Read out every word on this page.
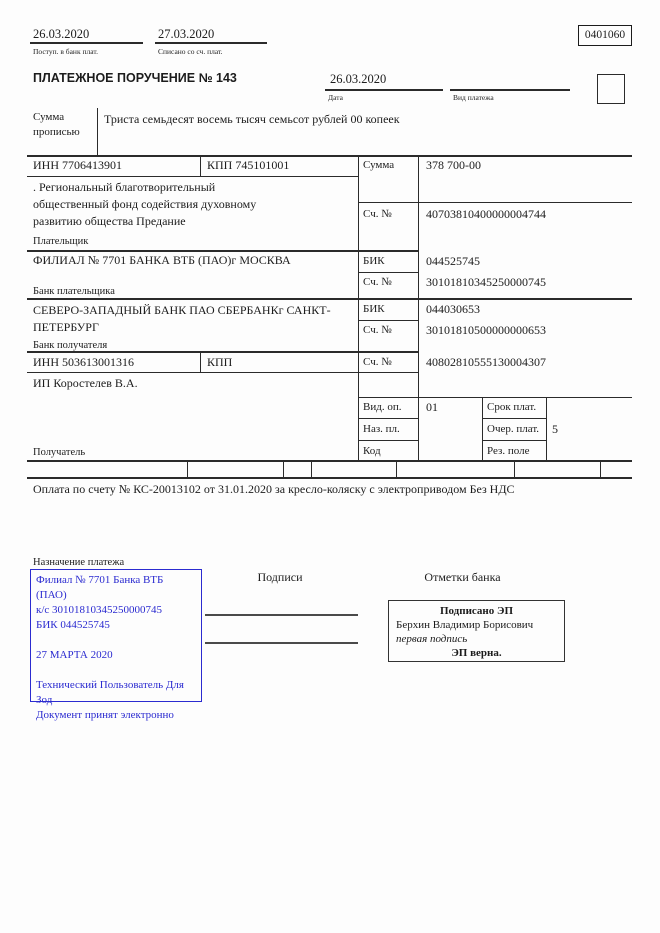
26.03.2020
Поступ. в банк плат.
27.03.2020
Списано со сч. плат.
0401060
ПЛАТЕЖНОЕ ПОРУЧЕНИЕ № 143	26.03.2020
Дата	Вид платежа
Сумма прописью
Триста семьдесят восемь тысяч семьсот рублей 00 копеек
ИНН 7706413901	КПП 745101001	Сумма	378 700-00
. Региональный благотворительный
общественный фонд содействия духовному
развитию общества Предание	Сч. №	40703810400000004744
Плательщик
ФИЛИАЛ № 7701 БАНКА ВТБ (ПАО)г МОСКВА	БИК	044525745
Сч. №	30101810345250000745
Банк плательщика
СЕВЕРО-ЗАПАДНЫЙ БАНК ПАО СБЕРБАНКг САНКТ-
ПЕТЕРБУРГ
БИК	044030653
Сч. №	30101810500000000653
Банк получателя
ИНН 503613001316	КПП	Сч. №	40802810555130004307
ИП Коростелев В.А.
Вид. оп. 01	Срок плат.
Наз. пл.	Очер. плат. 5
Код	Рез. поле
Получатель
Оплата по счету № КС-20013102 от 31.01.2020 за кресло-коляску с электроприводом Без НДС
Назначение платежа
Филиал № 7701 Банка ВТБ (ПАО)
к/с 30101810345250000745
БИК 044525745
27 МАРТА 2020
Технический Пользователь Для
Зод
Документ принят электронно
Подписи	Отметки банка
Подписано ЭП
Берхин Владимир Борисович
первая подпись
ЭП верна.
